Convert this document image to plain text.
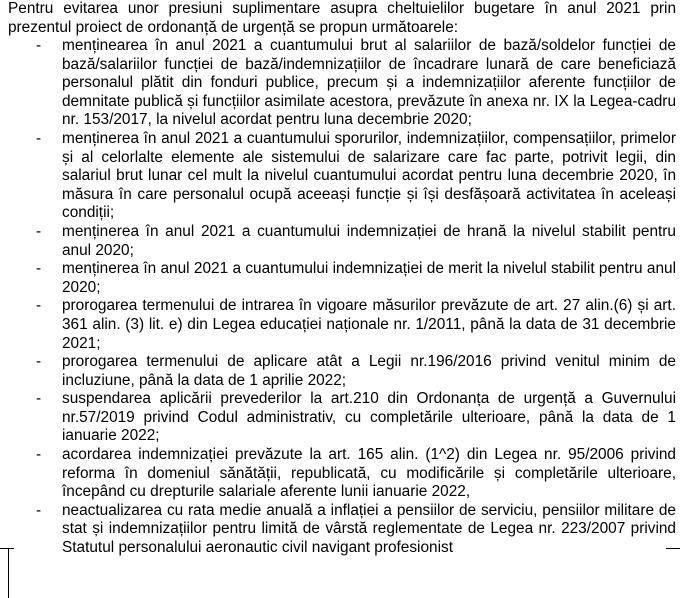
Pentru evitarea unor presiuni suplimentare asupra cheltuielilor bugetare în anul 2021 prin prezentul proiect de ordonanță de urgență se propun următoarele:

- menținearea în anul 2021 a cuantumului brut al salariilor de bază/soldelor funcției de bază/salariilor funcției de bază/indemnizațiilor de încadrare lunară de care beneficiază personalul plătit din fonduri publice, precum și a indemnizațiilor aferente funcțiilor de demnitate publică și funcțiilor asimilate acestora, prevăzute în anexa nr. IX la Legea-cadru nr. 153/2017, la nivelul acordat pentru luna decembrie 2020;
- menținerea în anul 2021 a cuantumului sporurilor, indemnizațiilor, compensațiilor, primelor și al celorlalte elemente ale sistemului de salarizare care fac parte, potrivit legii, din salariul brut lunar cel mult la nivelul cuantumului acordat pentru luna decembrie 2020, în măsura în care personalul ocupă aceeași funcție și își desfășoară activitatea în aceleași condiții;
- menținerea în anul 2021 a cuantumului indemnizației de hrană la nivelul stabilit pentru anul 2020;
- menținerea în anul 2021 a cuantumului indemnizației de merit la nivelul stabilit pentru anul 2020;
- prorogarea termenului de intrarea în vigoare măsurilor prevăzute de art. 27 alin.(6) și art. 361 alin. (3) lit. e) din Legea educației naționale nr. 1/2011, până la data de 31 decembrie 2021;
- prorogarea termenului de aplicare atât a Legii nr.196/2016 privind venitul minim de incluziune, până la data de 1 aprilie 2022;
- suspendarea aplicării prevederilor la art.210 din Ordonanța de urgență a Guvernului nr.57/2019 privind Codul administrativ, cu completările ulterioare, până la data de 1 ianuarie 2022;
- acordarea indemnizației prevăzute la art. 165 alin. (1^2) din Legea nr. 95/2006 privind reforma în domeniul sănătății, republicată, cu modificările și completările ulterioare, începând cu drepturile salariale aferente lunii ianuarie 2022,
- neactualizarea cu rata medie anuală a inflației a pensiilor de serviciu, pensiilor militare de stat și indemnizațiilor pentru limită de vârstă reglementate de Legea nr. 223/2007 privind Statutul personalului aeronautic civil navigant profesionist
